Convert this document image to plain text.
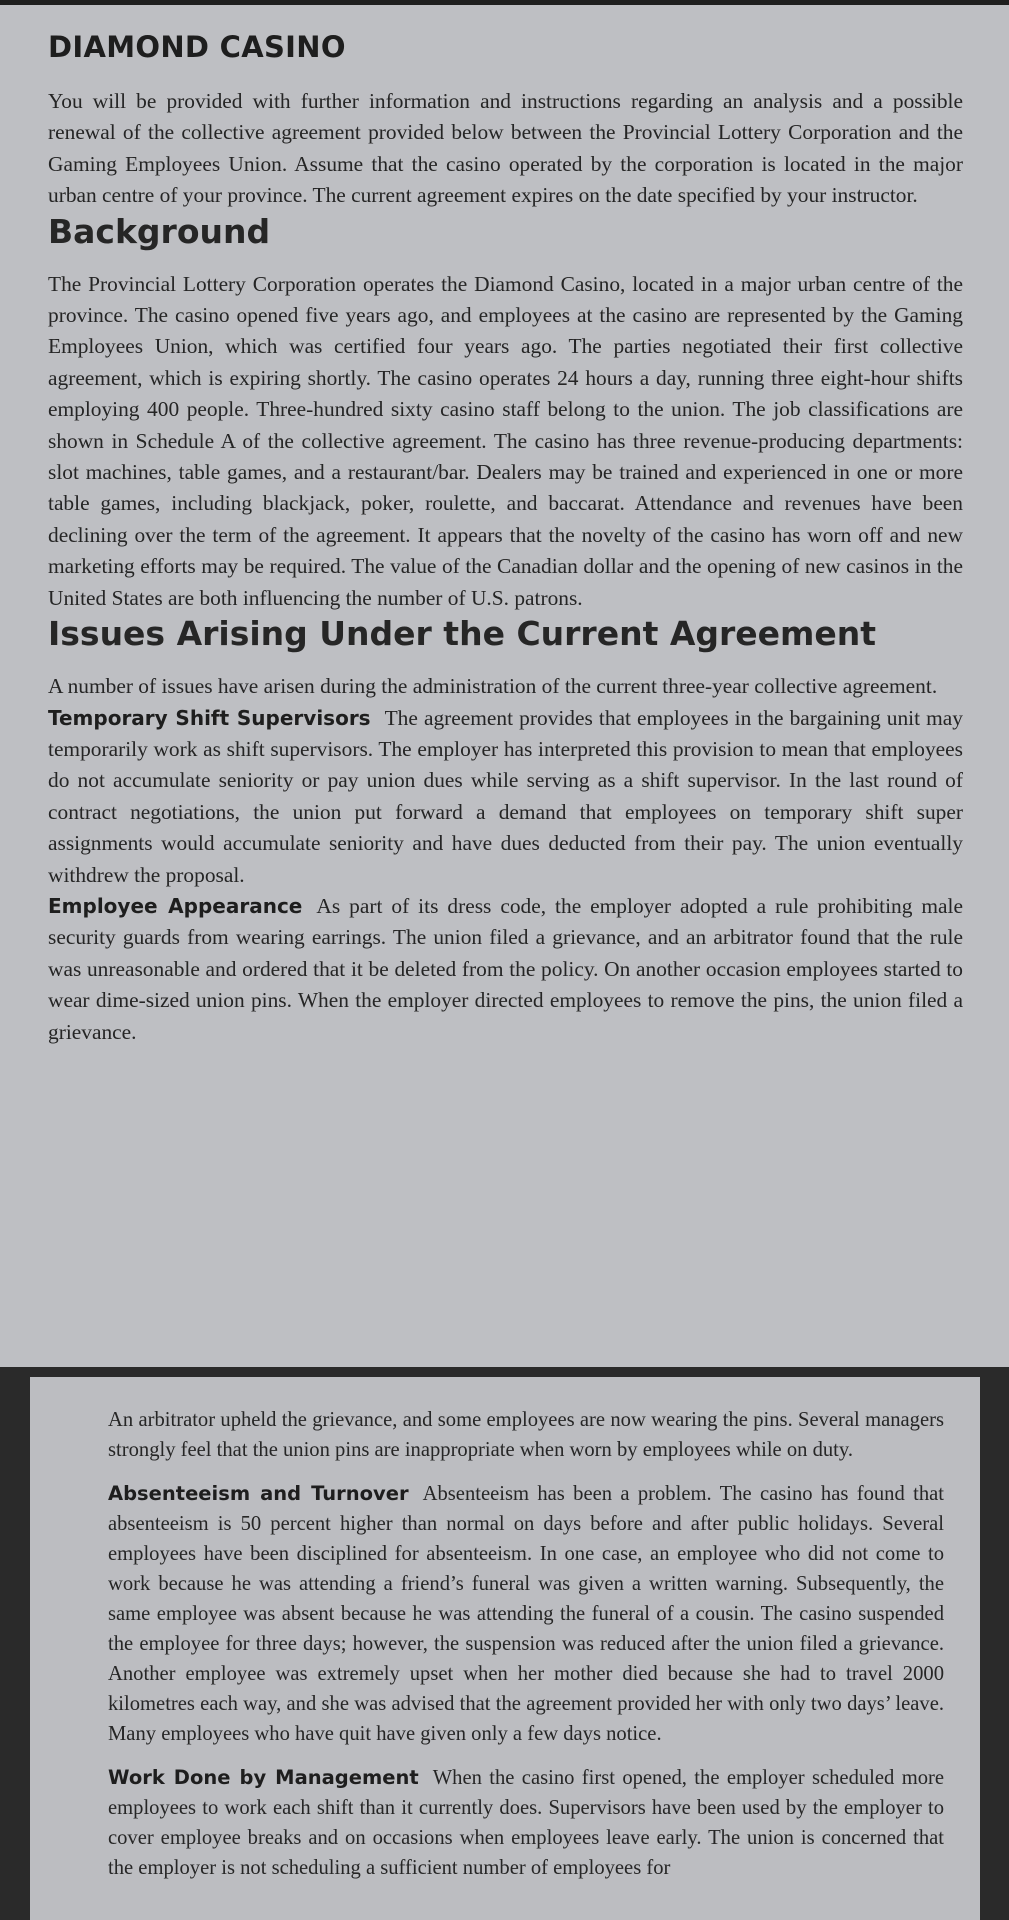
DIAMOND CASINO

You will be provided with further information and instructions regarding an analysis and a possible renewal of the collective agreement provided below between the Provincial Lottery Corporation and the Gaming Employees Union. Assume that the casino operated by the corporation is located in the major urban centre of your province. The current agreement expires on the date specified by your instructor.

Background

The Provincial Lottery Corporation operates the Diamond Casino, located in a major urban centre of the province. The casino opened five years ago, and employees at the casino are represented by the Gaming Employees Union, which was certified four years ago. The parties negotiated their first collective agreement, which is expiring shortly. The casino operates 24 hours a day, running three eight-hour shifts employing 400 people. Three-hundred sixty casino staff belong to the union. The job classifications are shown in Schedule A of the collective agreement. The casino has three revenue-producing departments: slot machines, table games, and a restaurant/bar. Dealers may be trained and experienced in one or more table games, including blackjack, poker, roulette, and baccarat. Attendance and revenues have been declining over the term of the agreement. It appears that the novelty of the casino has worn off and new marketing efforts may be required. The value of the Canadian dollar and the opening of new casinos in the United States are both influencing the number of U.S. patrons.

Issues Arising Under the Current Agreement

A number of issues have arisen during the administration of the current three-year collective agreement.

Temporary Shift Supervisors The agreement provides that employees in the bargaining unit may temporarily work as shift supervisors. The employer has interpreted this provision to mean that employees do not accumulate seniority or pay union dues while serving as a shift supervisor. In the last round of contract negotiations, the union put forward a demand that employees on temporary shift super assignments would accumulate seniority and have dues deducted from their pay. The union eventually withdrew the proposal.

Employee Appearance As part of its dress code, the employer adopted a rule prohibiting male security guards from wearing earrings. The union filed a grievance, and an arbitrator found that the rule was unreasonable and ordered that it be deleted from the policy. On another occasion employees started to wear dime-sized union pins. When the employer directed employees to remove the pins, the union filed a grievance.

An arbitrator upheld the grievance, and some employees are now wearing the pins. Several managers strongly feel that the union pins are inappropriate when worn by employees while on duty.

Absenteeism and Turnover Absenteeism has been a problem. The casino has found that absenteeism is 50 percent higher than normal on days before and after public holidays. Several employees have been disciplined for absenteeism. In one case, an employee who did not come to work because he was attending a friend’s funeral was given a written warning. Subsequently, the same employee was absent because he was attending the funeral of a cousin. The casino suspended the employee for three days; however, the suspension was reduced after the union filed a grievance. Another employee was extremely upset when her mother died because she had to travel 2000 kilometres each way, and she was advised that the agreement provided her with only two days’ leave. Many employees who have quit have given only a few days notice.

Work Done by Management When the casino first opened, the employer scheduled more employees to work each shift than it currently does. Supervisors have been used by the employer to cover employee breaks and on occasions when employees leave early. The union is concerned that the employer is not scheduling a sufficient number of employees for
